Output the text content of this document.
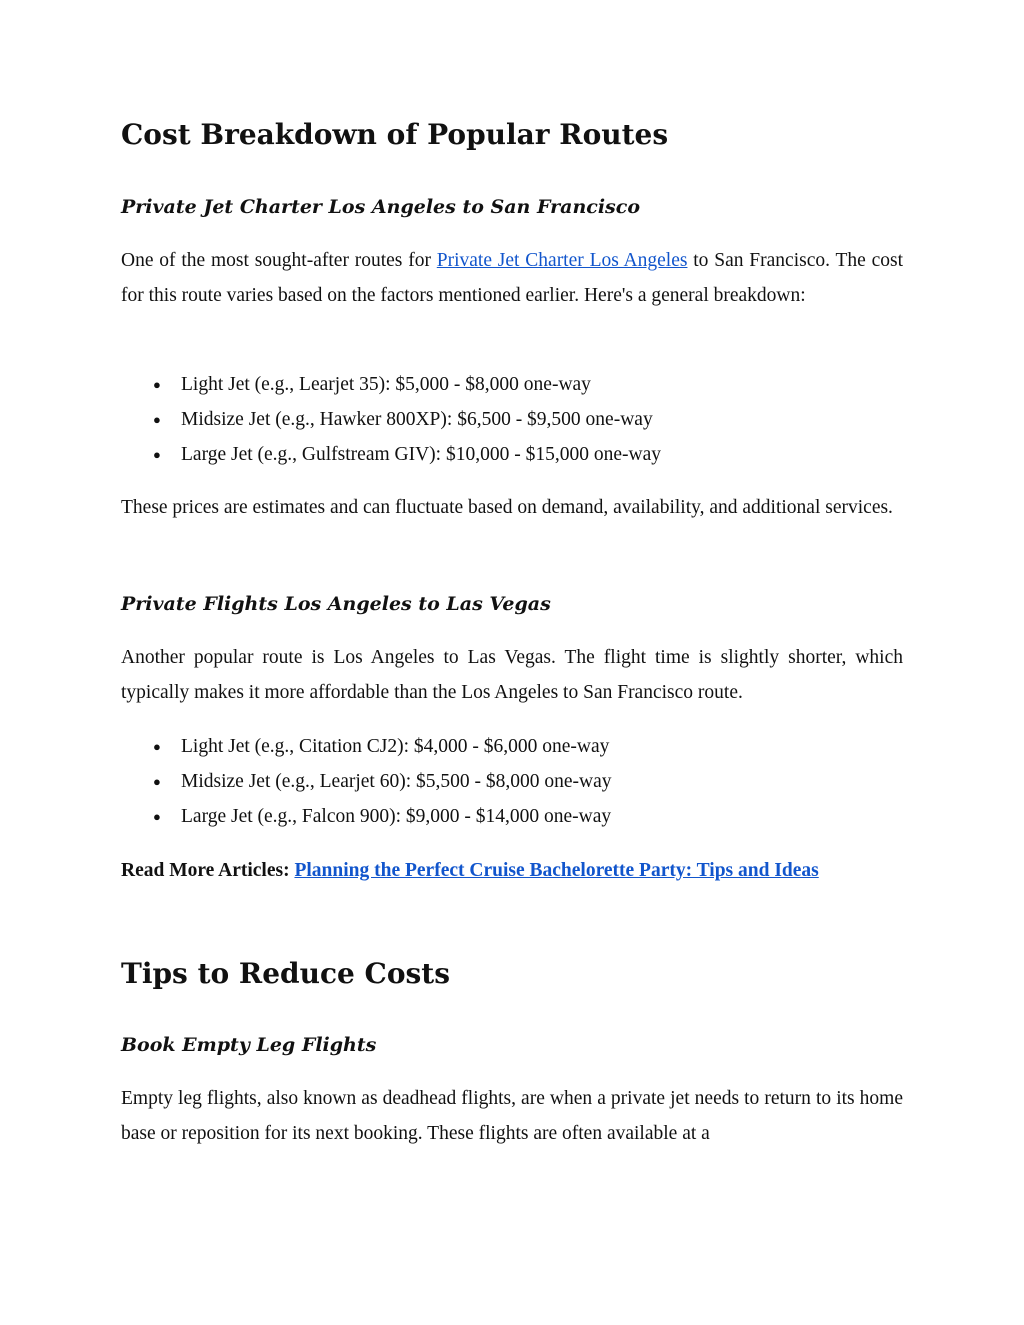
Cost Breakdown of Popular Routes
Private Jet Charter Los Angeles to San Francisco

One of the most sought-after routes for Private Jet Charter Los Angeles to San Francisco. The cost for this route varies based on the factors mentioned earlier. Here's a general breakdown:

● Light Jet (e.g., Learjet 35): $5,000 - $8,000 one-way
● Midsize Jet (e.g., Hawker 800XP): $6,500 - $9,500 one-way
● Large Jet (e.g., Gulfstream GIV): $10,000 - $15,000 one-way

These prices are estimates and can fluctuate based on demand, availability, and additional services.

Private Flights Los Angeles to Las Vegas

Another popular route is Los Angeles to Las Vegas. The flight time is slightly shorter, which typically makes it more affordable than the Los Angeles to San Francisco route.

● Light Jet (e.g., Citation CJ2): $4,000 - $6,000 one-way
● Midsize Jet (e.g., Learjet 60): $5,500 - $8,000 one-way
● Large Jet (e.g., Falcon 900): $9,000 - $14,000 one-way

Read More Articles: Planning the Perfect Cruise Bachelorette Party: Tips and Ideas

Tips to Reduce Costs
Book Empty Leg Flights

Empty leg flights, also known as deadhead flights, are when a private jet needs to return to its home base or reposition for its next booking. These flights are often available at a
